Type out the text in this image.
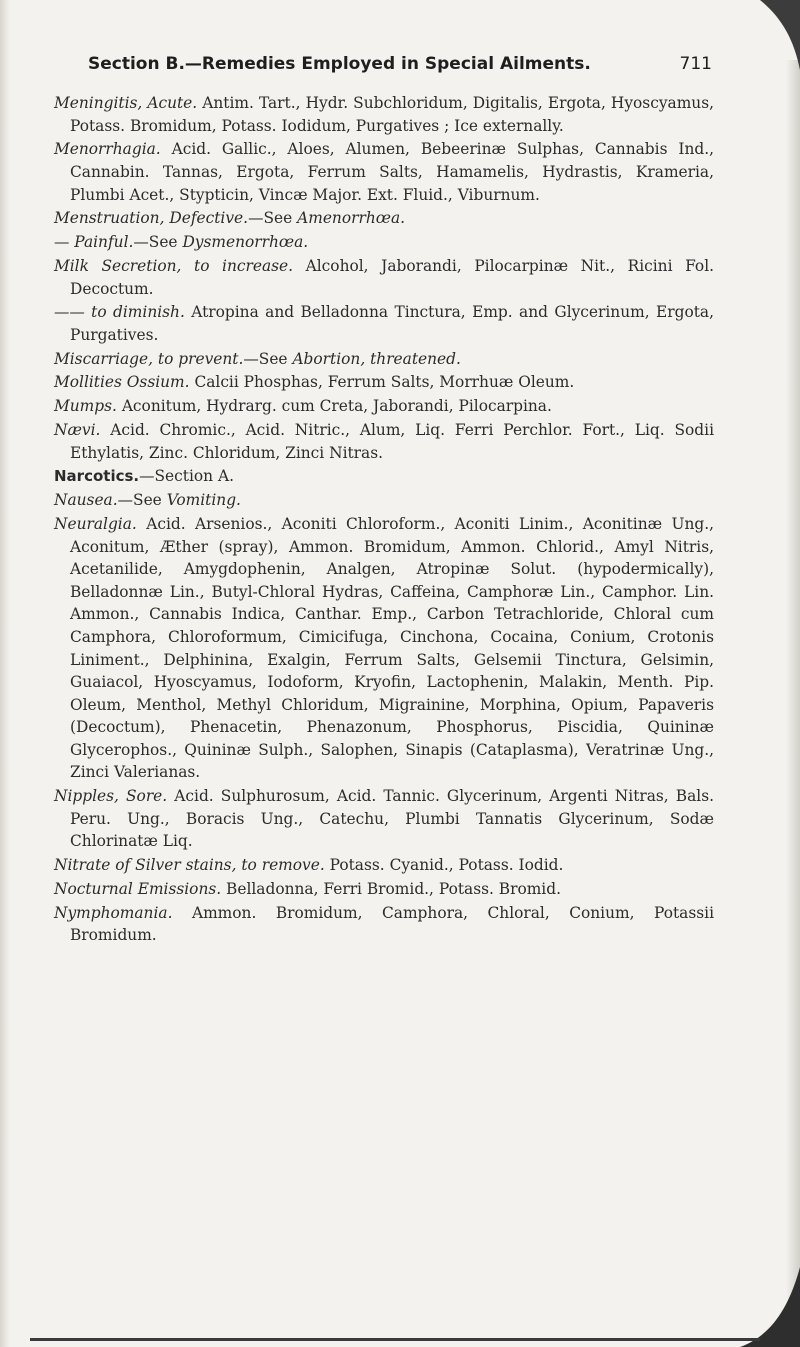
Section B.—Remedies Employed in Special Ailments.	711

Meningitis, Acute. Antim. Tart., Hydr. Subchloridum, Digitalis, Ergota, Hyoscyamus, Potass. Bromidum, Potass. Iodidum, Purgatives ; Ice externally.

Menorrhagia. Acid. Gallic., Aloes, Alumen, Bebeerinæ Sulphas, Cannabis Ind., Cannabin. Tannas, Ergota, Ferrum Salts, Hamamelis, Hydrastis, Krameria, Plumbi Acet., Stypticin, Vincæ Major. Ext. Fluid., Viburnum.

Menstruation, Defective.—See Amenorrhœa.

— Painful.—See Dysmenorrhœa.

Milk Secretion, to increase. Alcohol, Jaborandi, Pilocarpinæ Nit., Ricini Fol. Decoctum.

—— to diminish. Atropina and Belladonna Tinctura, Emp. and Glycerinum, Ergota, Purgatives.

Miscarriage, to prevent.—See Abortion, threatened.

Mollities Ossium. Calcii Phosphas, Ferrum Salts, Morrhuæ Oleum.

Mumps. Aconitum, Hydrarg. cum Creta, Jaborandi, Pilocarpina.

Nævi. Acid. Chromic., Acid. Nitric., Alum, Liq. Ferri Perchlor. Fort., Liq. Sodii Ethylatis, Zinc. Chloridum, Zinci Nitras.

Narcotics.—Section A.

Nausea.—See Vomiting.

Neuralgia. Acid. Arsenios., Aconiti Chloroform., Aconiti Linim., Aconitinæ Ung., Aconitum, Æther (spray), Ammon. Bromidum, Ammon. Chlorid., Amyl Nitris, Acetanilide, Amygdophenin, Analgen, Atropinæ Solut. (hypodermically), Belladonnæ Lin., Butyl-Chloral Hydras, Caffeina, Camphoræ Lin., Camphor. Lin. Ammon., Cannabis Indica, Canthar. Emp., Carbon Tetrachloride, Chloral cum Camphora, Chloroformum, Cimicifuga, Cinchona, Cocaina, Conium, Crotonis Liniment., Delphinina, Exalgin, Ferrum Salts, Gelsemii Tinctura, Gelsimin, Guaiacol, Hyoscyamus, Iodoform, Kryofin, Lactophenin, Malakin, Menth. Pip. Oleum, Menthol, Methyl Chloridum, Migrainine, Morphina, Opium, Papaveris (Decoctum), Phenacetin, Phenazonum, Phosphorus, Piscidia, Quininæ Glycerophos., Quininæ Sulph., Salophen, Sinapis (Cataplasma), Veratrinæ Ung., Zinci Valerianas.

Nipples, Sore. Acid. Sulphurosum, Acid. Tannic. Glycerinum, Argenti Nitras, Bals. Peru. Ung., Boracis Ung., Catechu, Plumbi Tannatis Glycerinum, Sodæ Chlorinatæ Liq.

Nitrate of Silver stains, to remove. Potass. Cyanid., Potass. Iodid.

Nocturnal Emissions. Belladonna, Ferri Bromid., Potass. Bromid.

Nymphomania. Ammon. Bromidum, Camphora, Chloral, Conium, Potassii Bromidum.
